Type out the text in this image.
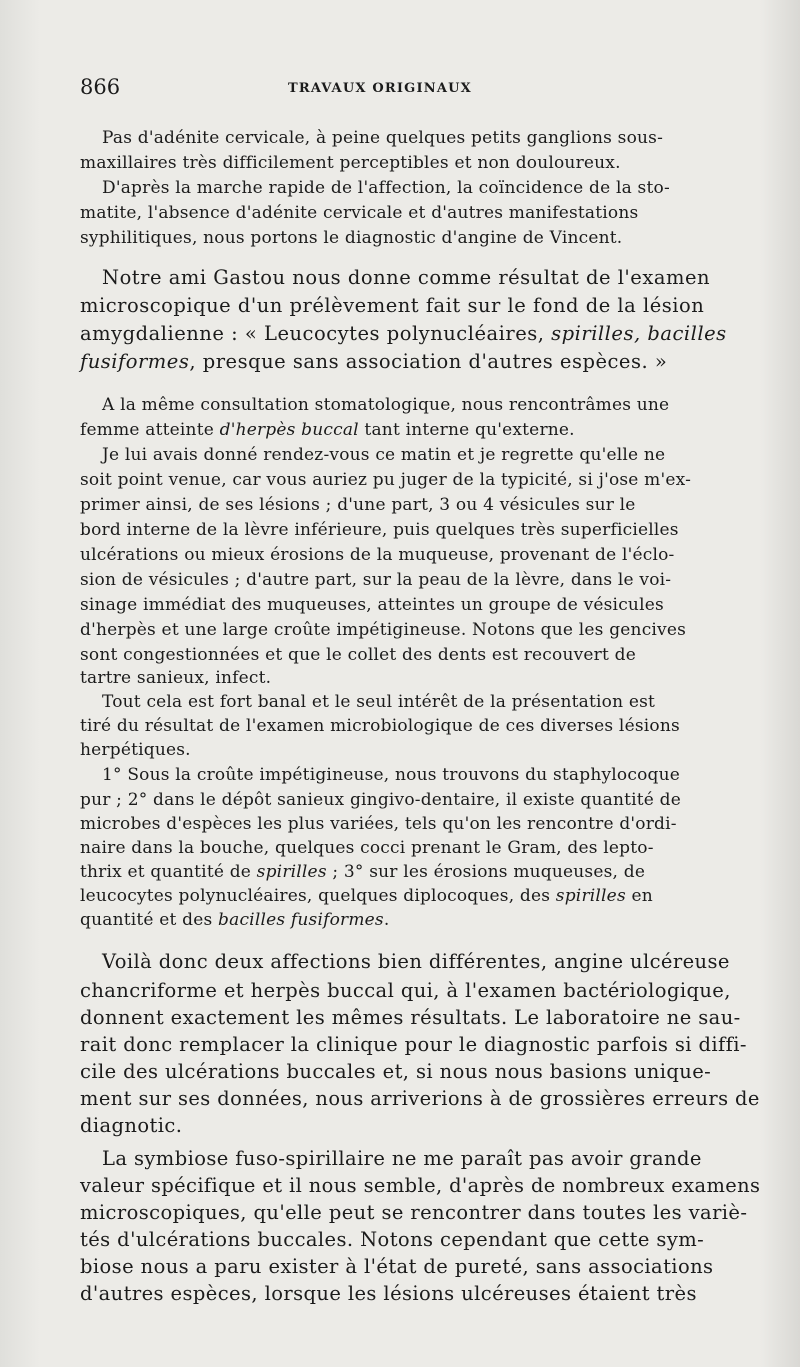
866	TRAVAUX ORIGINAUX
Pas d'adénite cervicale, à peine quelques petits ganglions sous-
maxillaires très difficilement perceptibles et non douloureux.
D'après la marche rapide de l'affection, la coïncidence de la sto-
matite, l'absence d'adénite cervicale et d'autres manifestations
syphilitiques, nous portons le diagnostic d'angine de Vincent.
Notre ami Gastou nous donne comme résultat de l'examen
microscopique d'un prélèvement fait sur le fond de la lésion
amygdalienne : « Leucocytes polynucléaires, spirilles, bacilles
fusiformes, presque sans association d'autres espèces. »
A la même consultation stomatologique, nous rencontrâmes une
femme atteinte d'herpès buccal tant interne qu'externe.
Je lui avais donné rendez-vous ce matin et je regrette qu'elle ne
soit point venue, car vous auriez pu juger de la typicité, si j'ose m'ex-
primer ainsi, de ses lésions ; d'une part, 3 ou 4 vésicules sur le
bord interne de la lèvre inférieure, puis quelques très superficielles
ulcérations ou mieux érosions de la muqueuse, provenant de l'éclo-
sion de vésicules ; d'autre part, sur la peau de la lèvre, dans le voi-
sinage immédiat des muqueuses, atteintes un groupe de vésicules
d'herpès et une large croûte impétigineuse. Notons que les gencives
sont congestionnées et que le collet des dents est recouvert de
tartre sanieux, infect.
Tout cela est fort banal et le seul intérêt de la présentation est
tiré du résultat de l'examen microbiologique de ces diverses lésions
herpétiques.
1° Sous la croûte impétigineuse, nous trouvons du staphylocoque
pur ; 2° dans le dépôt sanieux gingivo-dentaire, il existe quantité de
microbes d'espèces les plus variées, tels qu'on les rencontre d'ordi-
naire dans la bouche, quelques cocci prenant le Gram, des lepto-
thrix et quantité de spirilles ; 3° sur les érosions muqueuses, de
leucocytes polynucléaires, quelques diplocoques, des spirilles en
quantité et des bacilles fusiformes.
Voilà donc deux affections bien différentes, angine ulcéreuse
chancriforme et herpès buccal qui, à l'examen bactériologique,
donnent exactement les mêmes résultats. Le laboratoire ne sau-
rait donc remplacer la clinique pour le diagnostic parfois si diffi-
cile des ulcérations buccales et, si nous nous basions unique-
ment sur ses données, nous arriverions à de grossières erreurs de
diagnotic.
La symbiose fuso-spirillaire ne me paraît pas avoir grande
valeur spécifique et il nous semble, d'après de nombreux examens
microscopiques, qu'elle peut se rencontrer dans toutes les variè-
tés d'ulcérations buccales. Notons cependant que cette sym-
biose nous a paru exister à l'état de pureté, sans associations
d'autres espèces, lorsque les lésions ulcéreuses étaient très
